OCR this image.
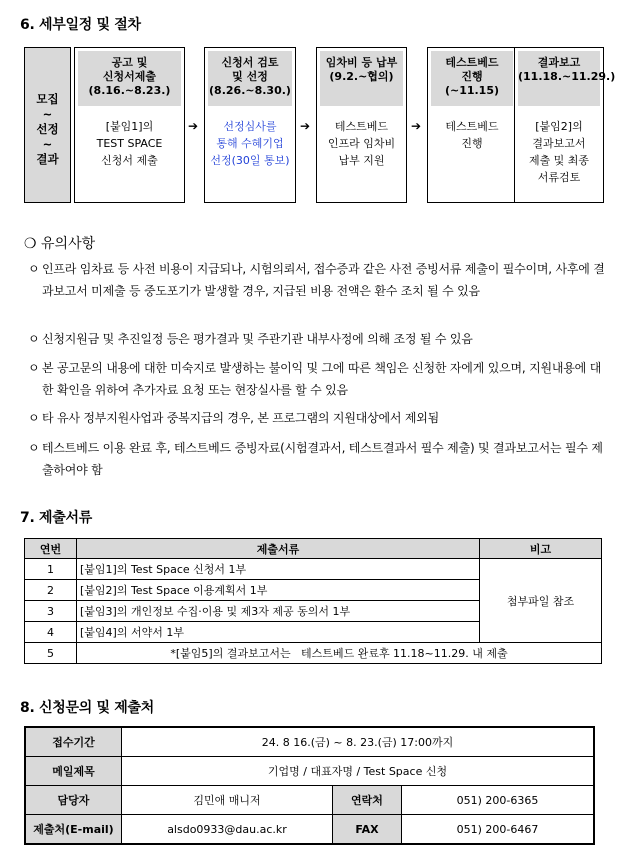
6. 세부일정 및 절차
모집
~
선정
~
결과
공고 및
신청서제출
(8.16.~8.23.)
[붙임1]의
TEST SPACE
신청서 제출
➔
신청서 검토
및 선정
(8.26.~8.30.)
선정심사를
통해 수혜기업
선정(30일 통보)
➔
임차비 등 납부
(9.2.~협의)
테스트베드
인프라 임차비
납부 지원
➔
테스트베드
진행
(~11.15)
테스트베드
진행
결과보고
(11.18.~11.29.)
[붙임2]의
결과보고서
제출 및 최종
서류검토
❍ 유의사항
ㅇ 인프라 임차료 등 사전 비용이 지급되나, 시험의뢰서, 접수증과 같은 사전 증빙서류 제출이 필수이며, 사후에 결과보고서 미제출 등 중도포기가 발생할 경우, 지급된 비용 전액은 환수 조치 될 수 있음
ㅇ 신청지원금 및 추진일정 등은 평가결과 및 주관기관 내부사정에 의해 조정 될 수 있음
ㅇ 본 공고문의 내용에 대한 미숙지로 발생하는 불이익 및 그에 따른 책임은 신청한 자에게 있으며, 지원내용에 대한 확인을 위하여 추가자료 요청 또는 현장실사를 할 수 있음
ㅇ 타 유사 정부지원사업과 중복지급의 경우, 본 프로그램의 지원대상에서 제외됨
ㅇ 테스트베드 이용 완료 후, 테스트베드 증빙자료(시험결과서, 테스트결과서 필수 제출) 및 결과보고서는 필수 제출하여야 함
7. 제출서류
연번	제출서류	비고
1	[붙임1]의 Test Space 신청서 1부	첨부파일 참조
2	[붙임2]의 Test Space 이용계획서 1부	
3	[붙임3]의 개인정보 수집·이용 및 제3자 제공 동의서 1부	
4	[붙임4]의 서약서 1부	
5	*[붙임5]의 결과보고서는   테스트베드 완료후 11.18~11.29. 내 제출	
8. 신청문의 및 제출처
접수기간	24. 8 16.(금) ~ 8. 23.(금) 17:00까지		
메일제목	기업명 / 대표자명 / Test Space 신청		
담당자	김민애 매니저	연락처	051) 200-6365
제출처(E-mail)	alsdo0933@dau.ac.kr	FAX	051) 200-6467
